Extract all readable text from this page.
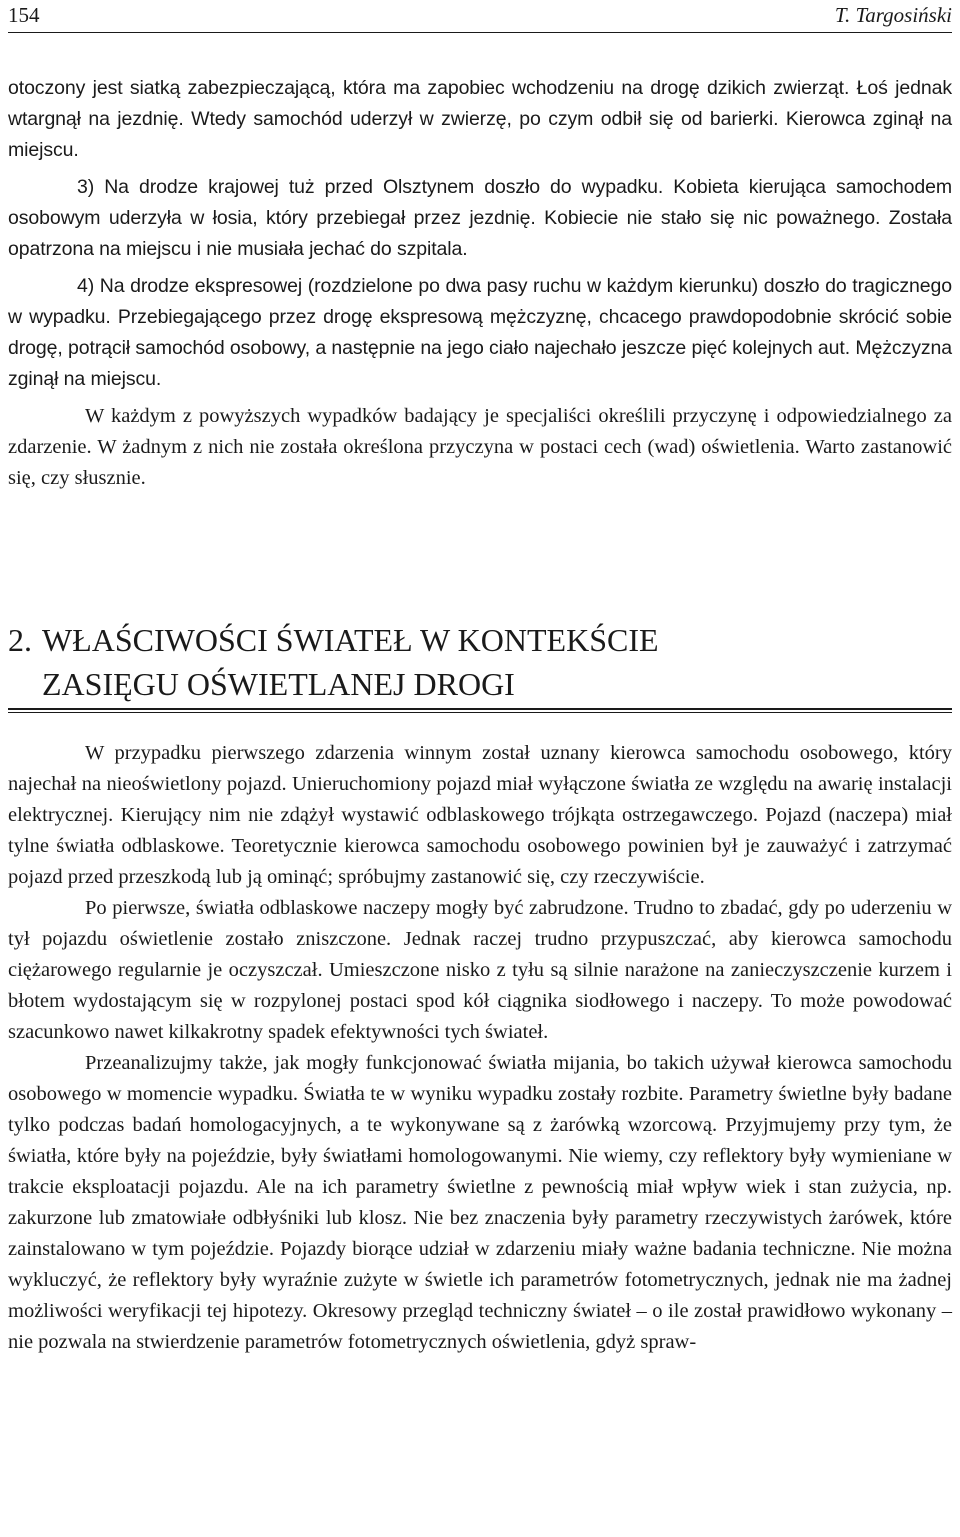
154	T. Targosiński

otoczony jest siatką zabezpieczającą, która ma zapobiec wchodzeniu na drogę dzikich zwierząt. Łoś jednak wtargnął na jezdnię. Wtedy samochód uderzył w zwierzę, po czym odbił się od barierki. Kierowca zginął na miejscu.

3) Na drodze krajowej tuż przed Olsztynem doszło do wypadku. Kobieta kierująca samochodem osobowym uderzyła w łosia, który przebiegał przez jezdnię. Kobiecie nie stało się nic poważnego. Została opatrzona na miejscu i nie musiała jechać do szpitala.

4) Na drodze ekspresowej (rozdzielone po dwa pasy ruchu w każdym kierunku) doszło do tragicznego w wypadku. Przebiegającego przez drogę ekspresową mężczyznę, chcacego prawdopodobnie skrócić sobie drogę, potrącił samochód osobowy, a następnie na jego ciało najechało jeszcze pięć kolejnych aut. Mężczyzna zginął na miejscu.

W każdym z powyższych wypadków badający je specjaliści określili przyczynę i odpowiedzialnego za zdarzenie. W żadnym z nich nie została określona przyczyna w postaci cech (wad) oświetlenia. Warto zastanowić się, czy słusznie.

2. WŁAŚCIWOŚCI ŚWIATEŁ W KONTEKŚCIE
ZASIĘGU OŚWIETLANEJ DROGI

W przypadku pierwszego zdarzenia winnym został uznany kierowca samochodu osobowego, który najechał na nieoświetlony pojazd. Unieruchomiony pojazd miał wyłączone światła ze względu na awarię instalacji elektrycznej. Kierujący nim nie zdążył wystawić odblaskowego trójkąta ostrzegawczego. Pojazd (naczepa) miał tylne światła odblaskowe. Teoretycznie kierowca samochodu osobowego powinien był je zauważyć i zatrzymać pojazd przed przeszkodą lub ją ominąć; spróbujmy zastanowić się, czy rzeczywiście.

Po pierwsze, światła odblaskowe naczepy mogły być zabrudzone. Trudno to zbadać, gdy po uderzeniu w tył pojazdu oświetlenie zostało zniszczone. Jednak raczej trudno przypuszczać, aby kierowca samochodu ciężarowego regularnie je oczyszczał. Umieszczone nisko z tyłu są silnie narażone na zanieczyszczenie kurzem i błotem wydostającym się w rozpylonej postaci spod kół ciągnika siodłowego i naczepy. To może powodować szacunkowo nawet kilkakrotny spadek efektywności tych świateł.

Przeanalizujmy także, jak mogły funkcjonować światła mijania, bo takich używał kierowca samochodu osobowego w momencie wypadku. Światła te w wyniku wypadku zostały rozbite. Parametry świetlne były badane tylko podczas badań homologacyjnych, a te wykonywane są z żarówką wzorcową. Przyjmujemy przy tym, że światła, które były na pojeździe, były światłami homologowanymi. Nie wiemy, czy reflektory były wymieniane w trakcie eksploatacji pojazdu. Ale na ich parametry świetlne z pewnością miał wpływ wiek i stan zużycia, np. zakurzone lub zmatowiałe odbłyśniki lub klosz. Nie bez znaczenia były parametry rzeczywistych żarówek, które zainstalowano w tym pojeździe. Pojazdy biorące udział w zdarzeniu miały ważne badania techniczne. Nie można wykluczyć, że reflektory były wyraźnie zużyte w świetle ich parametrów fotometrycznych, jednak nie ma żadnej możliwości weryfikacji tej hipotezy. Okresowy przegląd techniczny świateł – o ile został prawidłowo wykonany – nie pozwala na stwierdzenie parametrów fotometrycznych oświetlenia, gdyż spraw-
